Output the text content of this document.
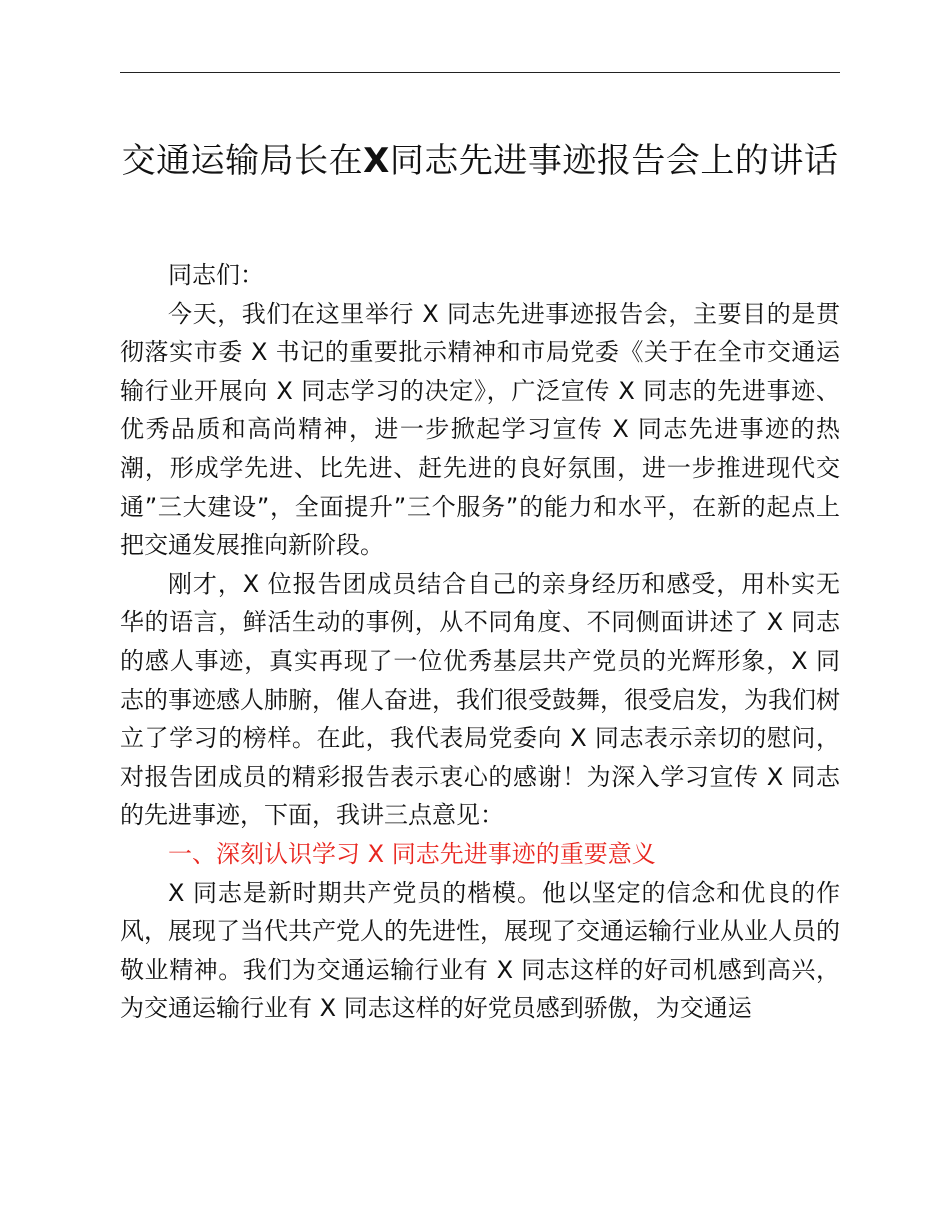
交通运输局长在X同志先进事迹报告会上的讲话

同志们：

今天，我们在这里举行 X 同志先进事迹报告会，主要目的是贯彻落实市委 X 书记的重要批示精神和市局党委《关于在全市交通运输行业开展向 X 同志学习的决定》，广泛宣传 X 同志的先进事迹、优秀品质和高尚精神，进一步掀起学习宣传 X 同志先进事迹的热潮，形成学先进、比先进、赶先进的良好氛围，进一步推进现代交通”三大建设”，全面提升”三个服务”的能力和水平，在新的起点上把交通发展推向新阶段。

刚才，X 位报告团成员结合自己的亲身经历和感受，用朴实无华的语言，鲜活生动的事例，从不同角度、不同侧面讲述了 X 同志的感人事迹，真实再现了一位优秀基层共产党员的光辉形象，X 同志的事迹感人肺腑，催人奋进，我们很受鼓舞，很受启发，为我们树立了学习的榜样。在此，我代表局党委向 X 同志表示亲切的慰问，对报告团成员的精彩报告表示衷心的感谢！为深入学习宣传 X 同志的先进事迹，下面，我讲三点意见：

一、深刻认识学习 X 同志先进事迹的重要意义

X 同志是新时期共产党员的楷模。他以坚定的信念和优良的作风，展现了当代共产党人的先进性，展现了交通运输行业从业人员的敬业精神。我们为交通运输行业有 X 同志这样的好司机感到高兴，为交通运输行业有 X 同志这样的好党员感到骄傲，为交通运
